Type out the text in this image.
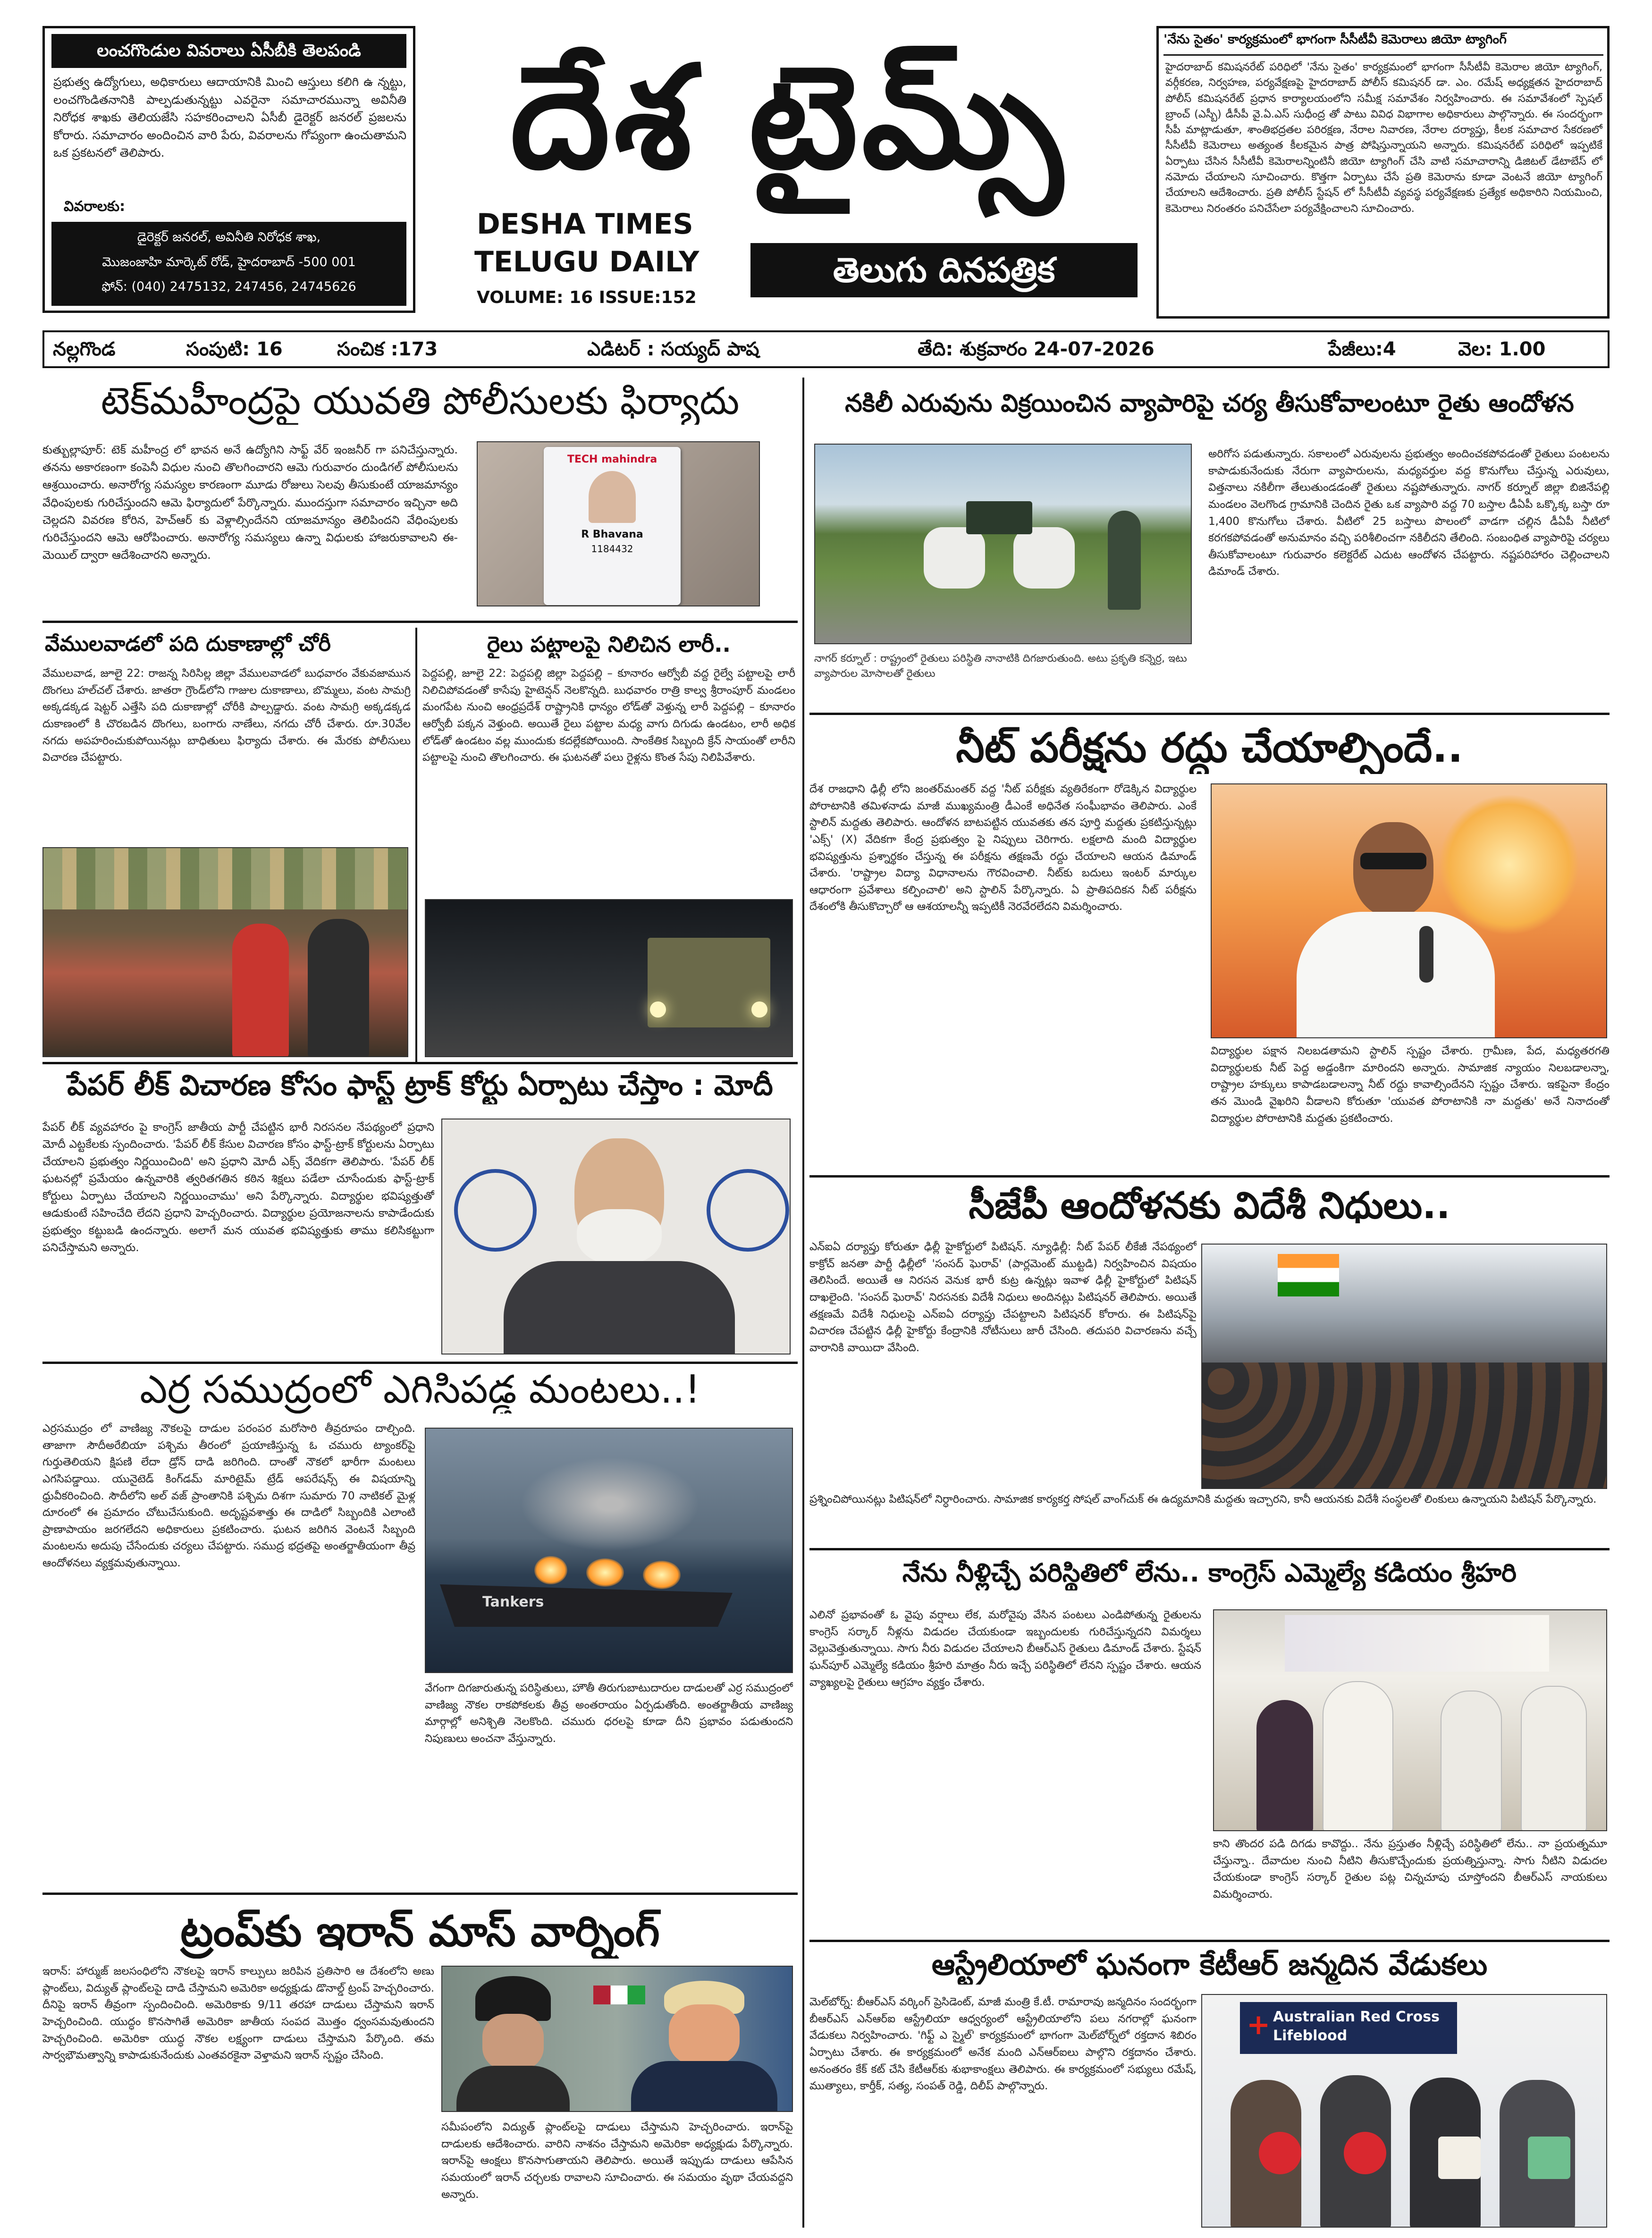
లంచగొండుల వివరాలు ఏసీబీకి తెలపండి
ప్రభుత్వ ఉద్యోగులు, అధికారులు ఆదాయానికి మించి ఆస్తులు కలిగి ఉ న్నట్టు, లంచగొండితనానికి పాల్పడుతున్నట్టు ఎవరైనా సమాచారమున్నా అవినీతి నిరోధక శాఖకు తెలియజేసి సహకరించాలని ఏసీబీ డైరెక్టర్ జనరల్ ప్రజలను కోరారు. సమాచారం అందించిన వారి పేరు, వివరాలను గోప్యంగా ఉంచుతామని ఒక ప్రకటనలో తెలిపారు.
వివరాలకు:
డైరెక్టర్ జనరల్, అవినీతి నిరోధక శాఖ,
మొజంజాహి మార్కెట్ రోడ్, హైదరాబాద్ -500 001
ఫోన్: (040) 2475132, 247456, 24745626
దేశ టైమ్స్
DESHA TIMES
TELUGU DAILY
VOLUME: 16 ISSUE:152
తెలుగు దినపత్రిక
'నేను సైతం' కార్యక్రమంలో భాగంగా సీసీటీవీ కెమెరాలు జియో ట్యాగింగ్
హైదరాబాద్ కమిషనరేట్ పరిధిలో 'నేను సైతం' కార్యక్రమంలో భాగంగా సీసీటీవీ కెమెరాల జియో ట్యాగింగ్, వర్గీకరణ, నిర్వహణ, పర్యవేక్షణపై హైదరాబాద్ పోలీస్ కమిషనర్ డా. ఎం. రమేష్ అధ్యక్షతన హైదరాబాద్ పోలీస్ కమిషనరేట్ ప్రధాన కార్యాలయంలోని సమీక్ష సమావేశం నిర్వహించారు. ఈ సమావేశంలో స్పెషల్ బ్రాంచ్ (ఎస్బీ) డీసీపీ వై.ఏ.ఎస్ సుధీంద్ర తో పాటు వివిధ విభాగాల అధికారులు పాల్గొన్నారు. ఈ సందర్భంగా సీపీ మాట్లాడుతూ, శాంతిభద్రతల పరిరక్షణ, నేరాల నివారణ, నేరాల దర్యాప్తు, కీలక సమాచార సేకరణలో సీసీటీవీ కెమెరాలు అత్యంత కీలకమైన పాత్ర పోషిస్తున్నాయని అన్నారు. కమిషనరేట్ పరిధిలో ఇప్పటికే ఏర్పాటు చేసిన సీసీటీవీ కెమెరాలన్నింటినీ జియో ట్యాగింగ్ చేసి వాటి సమాచారాన్ని డిజిటల్ డేటాబేస్ లో నమోదు చేయాలని సూచించారు. కొత్తగా ఏర్పాటు చేసే ప్రతి కెమెరాను కూడా వెంటనే జియో ట్యాగింగ్ చేయాలని ఆదేశించారు. ప్రతి పోలీస్ స్టేషన్ లో సీసీటీవీ వ్యవస్థ పర్యవేక్షణకు ప్రత్యేక అధికారిని నియమించి, కెమెరాలు నిరంతరం పనిచేసేలా పర్యవేక్షించాలని సూచించారు.
నల్లగొండ	సంపుటి: 16	సంచిక :173	ఎడిటర్ : సయ్యద్ పాష	తేది: శుక్రవారం 24-07-2026	పేజీలు:4	వెల: 1.00
టెక్‌మహీంద్రపై యువతి పోలీసులకు ఫిర్యాదు
కుత్బుల్లాపూర్: టెక్ మహీంద్ర లో భావన అనే ఉద్యోగిని సాఫ్ట్ వేర్ ఇంజనీర్ గా పనిచేస్తున్నారు. తనను అకారణంగా కంపెనీ విధుల నుంచి తొలగించారని ఆమె గురువారం దుండిగల్ పోలీసులను ఆశ్రయించారు. అనారోగ్య సమస్యల కారణంగా మూడు రోజులు సెలవు తీసుకుంటే యాజమాన్యం వేధింపులకు గురిచేస్తుందని ఆమె ఫిర్యాదులో పేర్కొన్నారు. ముందస్తుగా సమాచారం ఇచ్చినా అది చెల్లదని వివరణ కోరిన, హెచ్ఆర్ కు వెళ్లాల్సిందేనని యాజమాన్యం తెలిపిందని వేధింపులకు గురిచేస్తుందని ఆమె ఆరోపించారు. అనారోగ్య సమస్యలు ఉన్నా విధులకు హాజరుకావాలని ఈ-మెయిల్ ద్వారా ఆదేశించారని అన్నారు.
TECH mahindra
R Bhavana
1184432
వేములవాడలో పది దుకాణాల్లో చోరీ
వేములవాడ, జూలై 22: రాజన్న సిరిసిల్ల జిల్లా వేములవాడలో బుధవారం వేకువజామున దొంగలు హల్‌చల్ చేశారు. జాతరా గ్రౌండ్‌లోని గాజుల దుకాణాలు, బొమ్మలు, వంట సామగ్రి అక్కడక్కడ షెట్టర్ ఎత్తేసి పది దుకాణాల్లో చోరీకి పాల్పడ్డారు. వంట సామగ్రి అక్కడక్కడ దుకాణంలో కి చొరబడిన దొంగలు, బంగారు నాణేలు, నగదు చోరీ చేశారు. రూ.30వేల నగదు అపహరించుకుపోయినట్లు బాధితులు ఫిర్యాదు చేశారు. ఈ మేరకు పోలీసులు విచారణ చేపట్టారు.
రైలు పట్టాలపై నిలిచిన లారీ..
పెద్దపల్లి, జూలై 22: పెద్దపల్లి జిల్లా పెద్దపల్లి – కూనారం ఆర్వోబీ వద్ద రైల్వే పట్టాలపై లారీ నిలిచిపోవడంతో కాసేపు హైటెన్షన్ నెలకొన్నది. బుధవారం రాత్రి కాల్వ శ్రీరాంపూర్ మండలం మంగపేట నుంచి ఆంధ్రప్రదేశ్ రాష్ట్రానికి ధాన్యం లోడ్‌తో వెళ్తున్న లారీ పెద్దపల్లి – కూనారం ఆర్వోబీ పక్కన వెళ్తుంది. అయితే రైలు పట్టాల మధ్య వాగు దిగుడు ఉండటం, లారీ అధిక లోడ్‌తో ఉండటం వల్ల ముందుకు కదల్లేకపోయింది. సాంకేతిక సిబ్బంది క్రేన్ సాయంతో లారీని పట్టాలపై నుంచి తొలగించారు. ఈ ఘటనతో పలు రైళ్లను కొంత సేపు నిలిపివేశారు.
పేపర్ లీక్ విచారణ కోసం ఫాస్ట్ ట్రాక్ కోర్టు ఏర్పాటు చేస్తాం : మోదీ
పేపర్ లీక్ వ్యవహారం పై కాంగ్రెస్ జాతీయ పార్టీ చేపట్టిన భారీ నిరసనల నేపథ్యంలో ప్రధాని మోదీ ఎట్టకేలకు స్పందించారు. 'పేపర్ లీక్ కేసుల విచారణ కోసం ఫాస్ట్-ట్రాక్ కోర్టులను ఏర్పాటు చేయాలని ప్రభుత్వం నిర్ణయించింది' అని ప్రధాని మోదీ ఎక్స్ వేదికగా తెలిపారు. 'పేపర్ లీక్ ఘటనల్లో ప్రమేయం ఉన్నవారికి త్వరితగతిన కఠిన శిక్షలు పడేలా చూసేందుకు ఫాస్ట్-ట్రాక్ కోర్టులు ఏర్పాటు చేయాలని నిర్ణయించాము' అని పేర్కొన్నారు. విద్యార్థుల భవిష్యత్తుతో ఆడుకుంటే సహించేది లేదని ప్రధాని హెచ్చరించారు. విద్యార్థుల ప్రయోజనాలను కాపాడేందుకు ప్రభుత్వం కట్టుబడి ఉందన్నారు. అలాగే మన యువత భవిష్యత్తుకు తాము కలిసికట్టుగా పనిచేస్తామని అన్నారు.
ఎర్ర సముద్రంలో ఎగిసిపడ్డ మంటలు..!
ఎర్రసముద్రం లో వాణిజ్య నౌకలపై దాడుల పరంపర మరోసారి తీవ్రరూపం దాల్చింది. తాజాగా సౌదీఅరేబియా పశ్చిమ తీరంలో ప్రయాణిస్తున్న ఓ చమురు ట్యాంకర్‌పై గుర్తుతెలియని క్షిపణి లేదా డ్రోన్ దాడి జరిగింది. దాంతో నౌకలో భారీగా మంటలు ఎగసిపడ్డాయి. యునైటెడ్ కింగ్‌డమ్ మారిటైమ్ ట్రేడ్ ఆపరేషన్స్ ఈ విషయాన్ని ధ్రువీకరించింది. సౌదీలోని అల్ వజ్ ప్రాంతానికి పశ్చిమ దిశగా సుమారు 70 నాటికల్ మైళ్ల దూరంలో ఈ ప్రమాదం చోటుచేసుకుంది. అదృష్టవశాత్తు ఈ దాడిలో సిబ్బందికి ఎలాంటి ప్రాణాపాయం జరగలేదని అధికారులు ప్రకటించారు. ఘటన జరిగిన వెంటనే సిబ్బంది మంటలను అదుపు చేసేందుకు చర్యలు చేపట్టారు. సముద్ర భద్రతపై అంతర్జాతీయంగా తీవ్ర ఆందోళనలు వ్యక్తమవుతున్నాయి.
Tankers
వేగంగా దిగజారుతున్న పరిస్థితులు, హౌతీ తిరుగుబాటుదారుల దాడులతో ఎర్ర సముద్రంలో వాణిజ్య నౌకల రాకపోకలకు తీవ్ర అంతరాయం ఏర్పడుతోంది. అంతర్జాతీయ వాణిజ్య మార్గాల్లో అనిశ్చితి నెలకొంది. చమురు ధరలపై కూడా దీని ప్రభావం పడుతుందని నిపుణులు అంచనా వేస్తున్నారు.
ట్రంప్‌కు ఇరాన్ మాస్ వార్నింగ్
ఇరాన్: హార్ముజ్ జలసంధిలోని నౌకలపై ఇరాన్ కాల్పులు జరిపిన ప్రతిసారి ఆ దేశంలోని అణు ప్లాంట్‌లు, విద్యుత్ ప్లాంట్‌లపై దాడి చేస్తామని అమెరికా అధ్యక్షుడు డొనాల్డ్ ట్రంప్ హెచ్చరించారు. దీనిపై ఇరాన్ తీవ్రంగా స్పందించింది. అమెరికాకు 9/11 తరహా దాడులు చేస్తామని ఇరాన్ హెచ్చరించింది. యుద్ధం కొనసాగితే అమెరికా జాతీయ సంపద మొత్తం ధ్వంసమవుతుందని హెచ్చరించింది. అమెరికా యుద్ధ నౌకల లక్ష్యంగా దాడులు చేస్తామని పేర్కొంది. తమ సార్వభౌమత్వాన్ని కాపాడుకునేందుకు ఎంతవరకైనా వెళ్తామని ఇరాన్ స్పష్టం చేసింది.
సమీపంలోని విద్యుత్ ప్లాంట్‌లపై దాడులు చేస్తామని హెచ్చరించారు. ఇరాన్‌పై దాడులకు ఆదేశించారు. వారిని నాశనం చేస్తామని అమెరికా అధ్యక్షుడు పేర్కొన్నారు. ఇరాన్‌పై ఆంక్షలు కొనసాగుతాయని తెలిపారు. అయితే ఇప్పుడు దాడులు ఆపేసిన సమయంలో ఇరాన్ చర్చలకు రావాలని సూచించారు. ఈ సమయం వృథా చేయవద్దని అన్నారు.
నకిలీ ఎరువును విక్రయించిన వ్యాపారిపై చర్య తీసుకోవాలంటూ రైతు ఆందోళన
నాగర్ కర్నూల్ : రాష్ట్రంలో రైతులు పరిస్థితి నానాటికి దిగజారుతుంది. అటు ప్రకృతి కన్నెర్ర, ఇటు వ్యాపారుల మోసాలతో రైతులు
అరిగోస పడుతున్నారు. సకాలంలో ఎరువులను ప్రభుత్వం అందించకపోవడంతో రైతులు పంటలను కాపాడుకునేందుకు నేరుగా వ్యాపారులను, మధ్యవర్తుల వద్ద కొనుగోలు చేస్తున్న ఎరువులు, విత్తనాలు నకిలీగా తేలుతుండడంతో రైతులు నష్టపోతున్నారు. నాగర్ కర్నూల్ జిల్లా బిజినేపల్లి మండలం వెలగొండ గ్రామానికి చెందిన రైతు ఒక వ్యాపారి వద్ద 70 బస్తాల డీఏపీ ఒక్కొక్క బస్తా రూ 1,400 కొనుగోలు చేశారు. వీటిలో 25 బస్తాలు పొలంలో వాడగా చల్లిన డీఏపీ నీటిలో కరగకపోవడంతో అనుమానం వచ్చి పరిశీలించగా నకిలీదని తేలింది. సంబంధిత వ్యాపారిపై చర్యలు తీసుకోవాలంటూ గురువారం కలెక్టరేట్ ఎదుట ఆందోళన చేపట్టారు. నష్టపరిహారం చెల్లించాలని డిమాండ్ చేశారు.
నీట్ పరీక్షను రద్దు చేయాల్సిందే..
దేశ రాజధాని ఢిల్లీ లోని జంతర్‌మంతర్ వద్ద 'నీట్ పరీక్షకు వ్యతిరేకంగా రోడెక్కిన విద్యార్థుల పోరాటానికి తమిళనాడు మాజీ ముఖ్యమంత్రి డీఎంకే అధినేత సంఘీభావం తెలిపారు. ఎంకే స్టాలిన్ మద్దతు తెలిపారు. ఆందోళన బాటపట్టిన యువతకు తన పూర్తి మద్దతు ప్రకటిస్తున్నట్లు 'ఎక్స్' (X) వేదికగా కేంద్ర ప్రభుత్వం పై నిప్పులు చెరిగారు. లక్షలాది మంది విద్యార్థుల భవిష్యత్తును ప్రశ్నార్థకం చేస్తున్న ఈ పరీక్షను తక్షణమే రద్దు చేయాలని ఆయన డిమాండ్ చేశారు. 'రాష్ట్రాల విద్యా విధానాలను గౌరవించాలి. నీట్‌కు బదులు ఇంటర్ మార్కుల ఆధారంగా ప్రవేశాలు కల్పించాలి' అని స్టాలిన్ పేర్కొన్నారు. ఏ ప్రాతిపదికన నీట్ పరీక్షను దేశంలోకి తీసుకొచ్చారో ఆ ఆశయాలన్నీ ఇప్పటికీ నెరవేరలేదని విమర్శించారు.
విద్యార్థుల పక్షాన నిలబడతామని స్టాలిన్ స్పష్టం చేశారు. గ్రామీణ, పేద, మధ్యతరగతి విద్యార్థులకు నీట్ పెద్ద అడ్డంకిగా మారిందని అన్నారు. సామాజిక న్యాయం నిలబడాలన్నా, రాష్ట్రాల హక్కులు కాపాడబడాలన్నా నీట్ రద్దు కావాల్సిందేనని స్పష్టం చేశారు. ఇకపైనా కేంద్రం తన మొండి వైఖరిని వీడాలని కోరుతూ 'యువత పోరాటానికి నా మద్దతు' అనే నినాదంతో విద్యార్థుల పోరాటానికి మద్దతు ప్రకటించారు.
సీజేపీ ఆందోళనకు విదేశీ నిధులు..
ఎన్ఐఏ దర్యాప్తు కోరుతూ ఢిల్లీ హైకోర్టులో పిటిషన్. న్యూఢిల్లీ: నీట్ పేపర్ లీకేజీ నేపథ్యంలో కాక్రోచ్ జనతా పార్టీ ఢిల్లీలో 'సంసద్ ఘెరావ్' (పార్లమెంట్ ముట్టడి) నిర్వహించిన విషయం తెలిసిందే. అయితే ఆ నిరసన వెనుక భారీ కుట్ర ఉన్నట్లు ఇవాళ ఢిల్లీ హైకోర్టులో పిటిషన్ దాఖలైంది. 'సంసద్ ఘెరావ్' నిరసనకు విదేశీ నిధులు అందినట్లు పిటిషనర్ తెలిపారు. అయితే తక్షణమే విదేశీ నిధులపై ఎన్ఐఏ దర్యాప్తు చేపట్టాలని పిటిషనర్ కోరారు. ఈ పిటిషన్‌పై విచారణ చేపట్టిన ఢిల్లీ హైకోర్టు కేంద్రానికి నోటీసులు జారీ చేసింది. తదుపరి విచారణను వచ్చే వారానికి వాయిదా వేసింది.
ప్రశ్నించిపోయినట్లు పిటిషన్‌లో నిర్ధారించారు. సామాజిక కార్యకర్త సోషల్ వాంగ్‌చుక్ ఈ ఉద్యమానికి మద్దతు ఇచ్చారని, కానీ ఆయనకు విదేశీ సంస్థలతో లింకులు ఉన్నాయని పిటిషన్ పేర్కొన్నారు.
నేను నీళ్లిచ్చే పరిస్థితిలో లేను.. కాంగ్రెస్ ఎమ్మెల్యే కడియం శ్రీహరి
ఎలినో ప్రభావంతో ఓ వైపు వర్షాలు లేక, మరోవైపు వేసిన పంటలు ఎండిపోతున్న రైతులను కాంగ్రెస్ సర్కార్ నీళ్లను విడుదల చేయకుండా ఇబ్బందులకు గురిచేస్తున్నదని విమర్శలు వెల్లువెత్తుతున్నాయి. సాగు నీరు విడుదల చేయాలని బీఆర్ఎస్ రైతులు డిమాండ్ చేశారు. స్టేషన్ ఘన్‌పూర్ ఎమ్మెల్యే కడియం శ్రీహరి మాత్రం నీరు ఇచ్చే పరిస్థితిలో లేనని స్పష్టం చేశారు. ఆయన వ్యాఖ్యలపై రైతులు ఆగ్రహం వ్యక్తం చేశారు.
కాని తొందర పడి దిగడు కావొద్దు.. నేను ప్రస్తుతం నీళ్లిచ్చే పరిస్థితిలో లేను.. నా ప్రయత్నమూ చేస్తున్నా.. దేవాదుల నుంచి నీటిని తీసుకొచ్చేందుకు ప్రయత్నిస్తున్నా. సాగు నీటిని విడుదల చేయకుండా కాంగ్రెస్ సర్కార్ రైతుల పట్ల చిన్నచూపు చూస్తోందని బీఆర్ఎస్ నాయకులు విమర్శించారు.
ఆస్ట్రేలియాలో ఘనంగా కేటీఆర్ జన్మదిన వేడుకలు
మెల్‌బోర్న్: బీఆర్ఎస్ వర్కింగ్ ప్రెసిడెంట్, మాజీ మంత్రి కే.టీ. రామారావు జన్మదినం సందర్భంగా బీఆర్ఎస్ ఎన్ఆర్ఐ ఆస్ట్రేలియా ఆధ్వర్యంలో ఆస్ట్రేలియాలోని పలు నగరాల్లో ఘనంగా వేడుకలు నిర్వహించారు. 'గిఫ్ట్ ఎ స్మైల్' కార్యక్రమంలో భాగంగా మెల్‌బోర్న్‌లో రక్తదాన శిబిరం ఏర్పాటు చేశారు. ఈ కార్యక్రమంలో అనేక మంది ఎన్ఆర్ఐలు పాల్గొని రక్తదానం చేశారు. అనంతరం కేక్ కట్ చేసి కేటీఆర్‌కు శుభాకాంక్షలు తెలిపారు. ఈ కార్యక్రమంలో సభ్యులు రమేష్, ముత్యాలు, కార్తీక్, సత్య, సంపత్ రెడ్డి, దిలీప్ పాల్గొన్నారు.
+ Australian Red Cross Lifeblood
